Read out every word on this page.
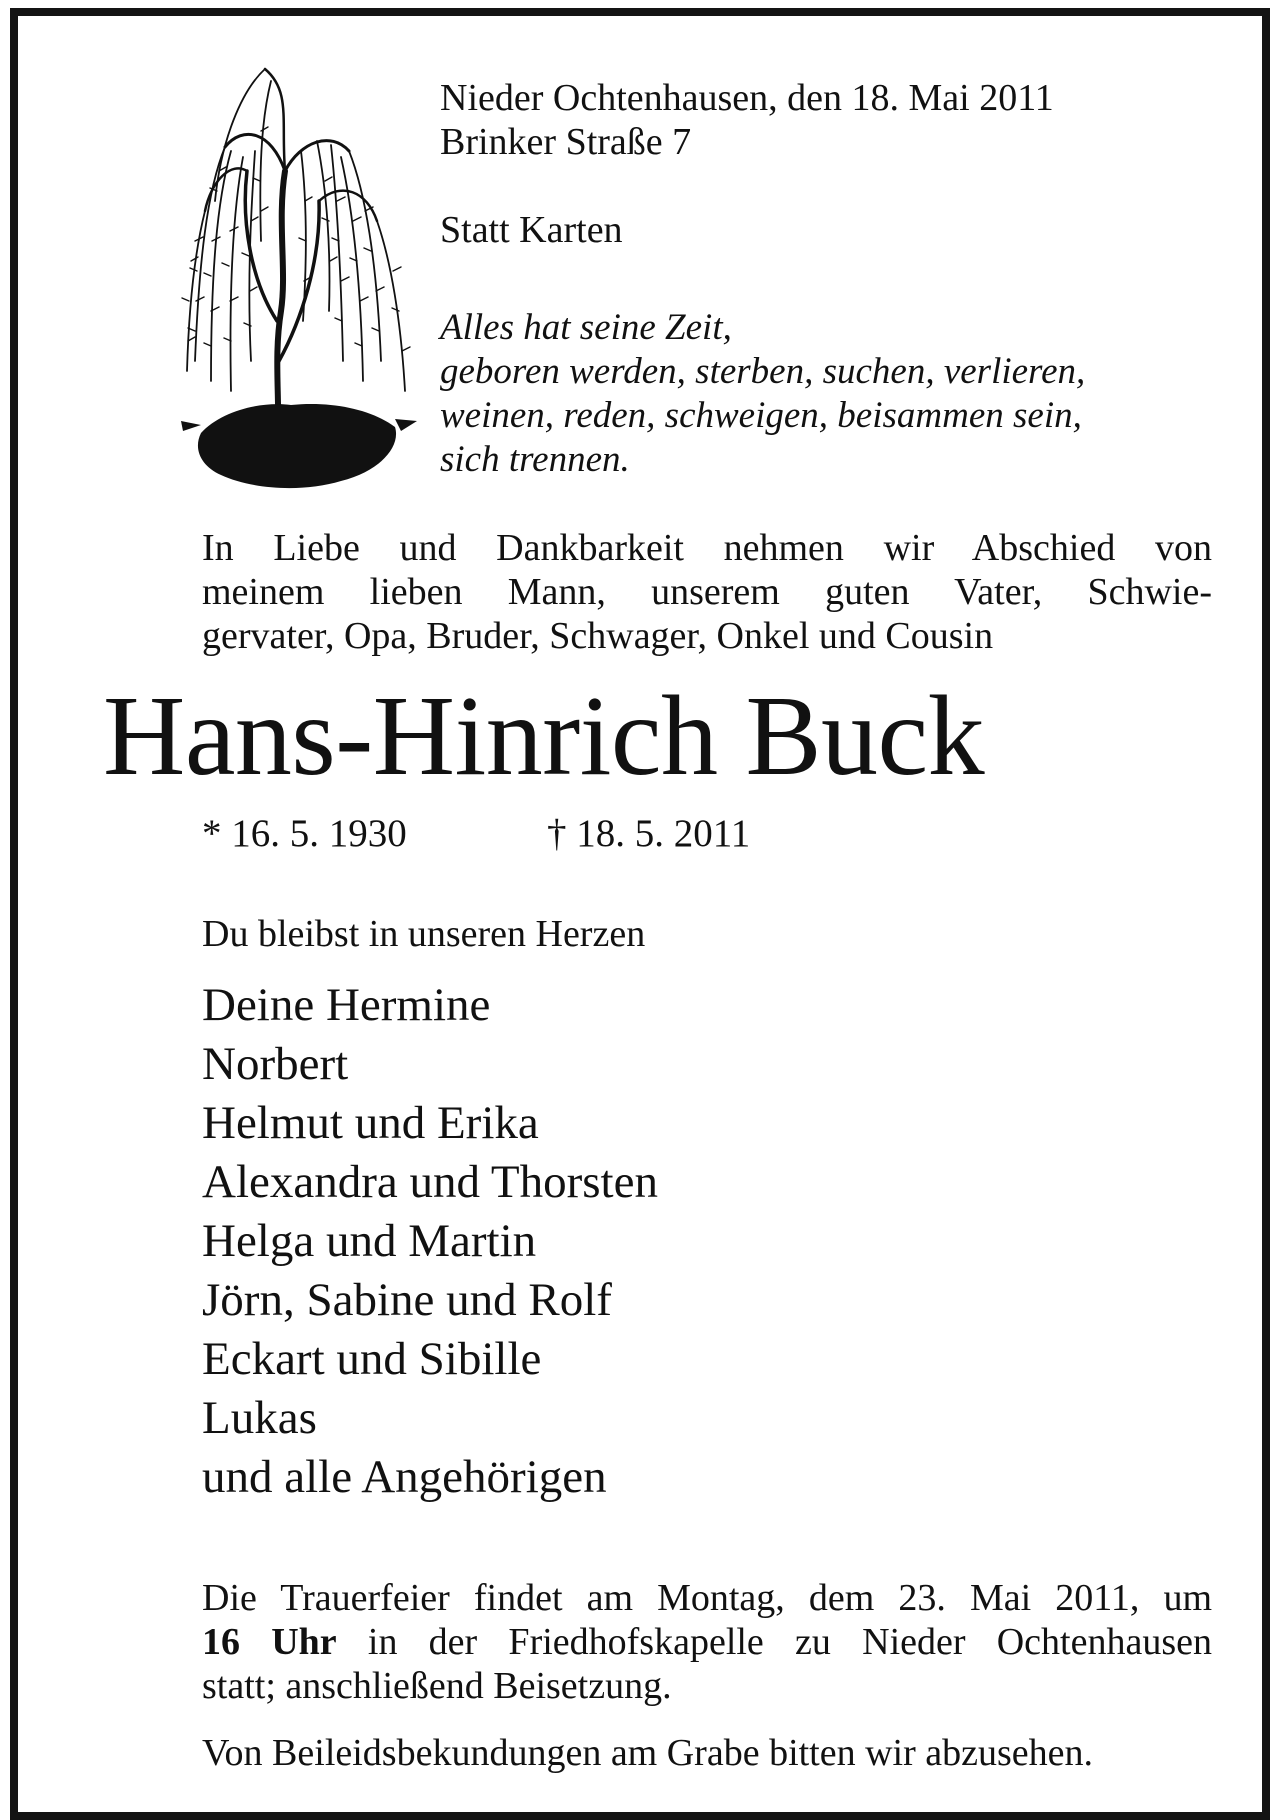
Nieder Ochtenhausen, den 18. Mai 2011
Brinker Straße 7
Statt Karten
Alles hat seine Zeit,
geboren werden, sterben, suchen, verlieren,
weinen, reden, schweigen, beisammen sein,
sich trennen.
In Liebe und Dankbarkeit nehmen wir Abschied von
meinem lieben Mann, unserem guten Vater, Schwie-
gervater, Opa, Bruder, Schwager, Onkel und Cousin
Hans-Hinrich Buck
* 16. 5. 1930	† 18. 5. 2011
Du bleibst in unseren Herzen
Deine Hermine
Norbert
Helmut und Erika
Alexandra und Thorsten
Helga und Martin
Jörn, Sabine und Rolf
Eckart und Sibille
Lukas
und alle Angehörigen
Die Trauerfeier findet am Montag, dem 23. Mai 2011, um
16 Uhr in der Friedhofskapelle zu Nieder Ochtenhausen
statt; anschließend Beisetzung.
Von Beileidsbekundungen am Grabe bitten wir abzusehen.
